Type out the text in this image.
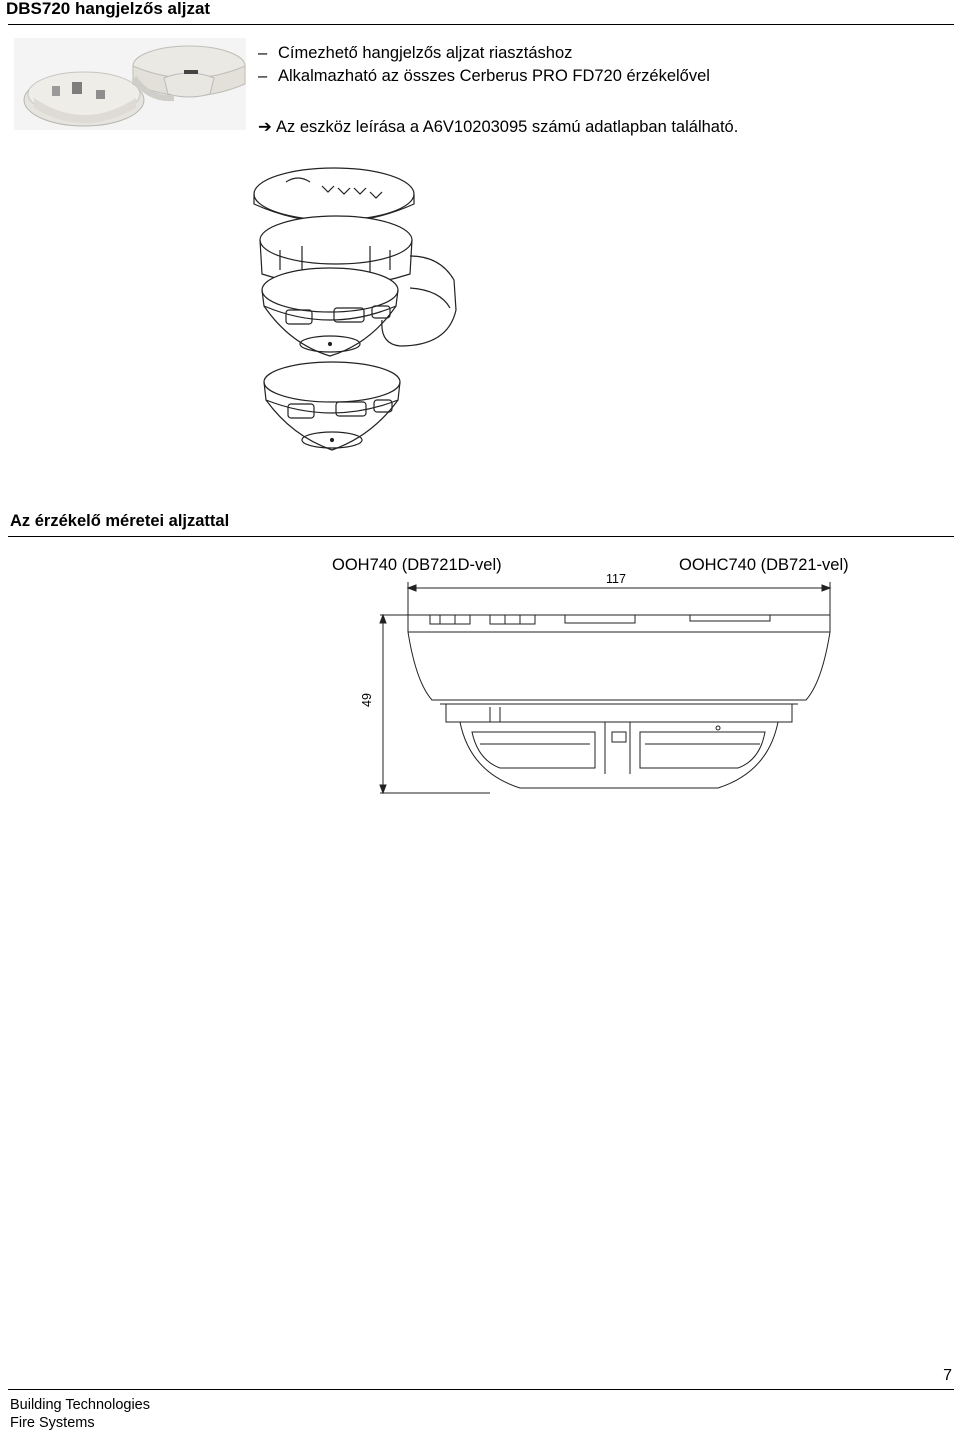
DBS720 hangjelzős aljzat
– Címezhető hangjelzős aljzat riasztáshoz
– Alkalmazható az összes Cerberus PRO FD720 érzékelővel
➔ Az eszköz leírása a A6V10203095 számú adatlapban található.
Az érzékelő méretei aljzattal
OOH740 (DB721D-vel)	OOHC740 (DB721-vel)
117
49
7
Building Technologies
Fire Systems
